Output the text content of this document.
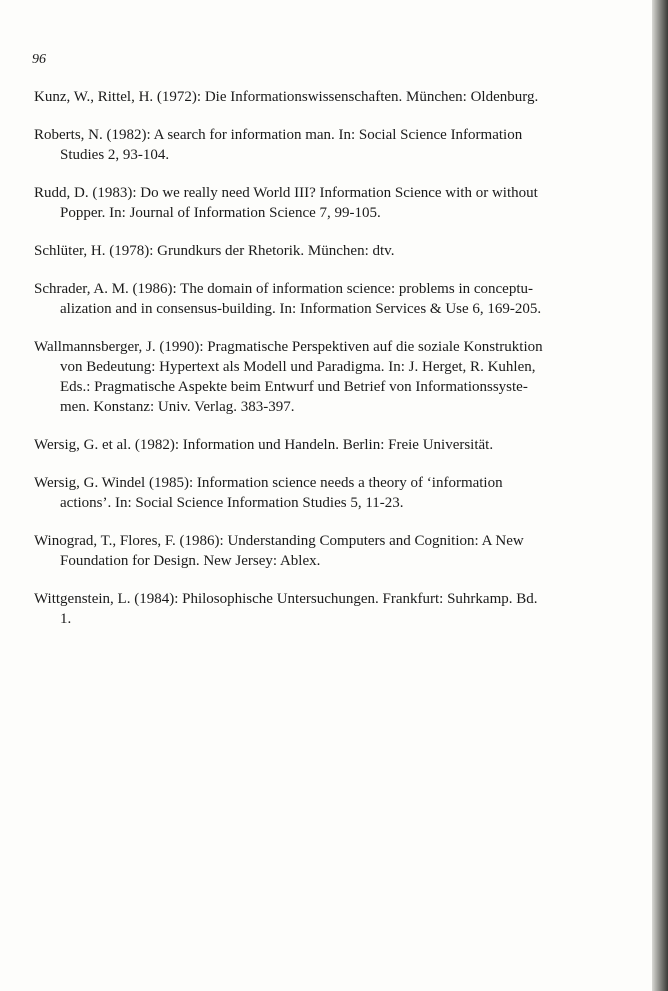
96
Kunz, W., Rittel, H. (1972): Die Informationswissenschaften. München: Oldenburg.
Roberts, N. (1982): A search for information man. In: Social Science Information
Studies 2, 93-104.
Rudd, D. (1983): Do we really need World III? Information Science with or without
Popper. In: Journal of Information Science 7, 99-105.
Schlüter, H. (1978): Grundkurs der Rhetorik. München: dtv.
Schrader, A. M. (1986): The domain of information science: problems in conceptu-
alization and in consensus-building. In: Information Services & Use 6, 169-205.
Wallmannsberger, J. (1990): Pragmatische Perspektiven auf die soziale Konstruktion
von Bedeutung: Hypertext als Modell und Paradigma. In: J. Herget, R. Kuhlen,
Eds.: Pragmatische Aspekte beim Entwurf und Betrief von Informationssyste-
men. Konstanz: Univ. Verlag. 383-397.
Wersig, G. et al. (1982): Information und Handeln. Berlin: Freie Universität.
Wersig, G. Windel (1985): Information science needs a theory of ‘information
actions’. In: Social Science Information Studies 5, 11-23.
Winograd, T., Flores, F. (1986): Understanding Computers and Cognition: A New
Foundation for Design. New Jersey: Ablex.
Wittgenstein, L. (1984): Philosophische Untersuchungen. Frankfurt: Suhrkamp. Bd.
1.
